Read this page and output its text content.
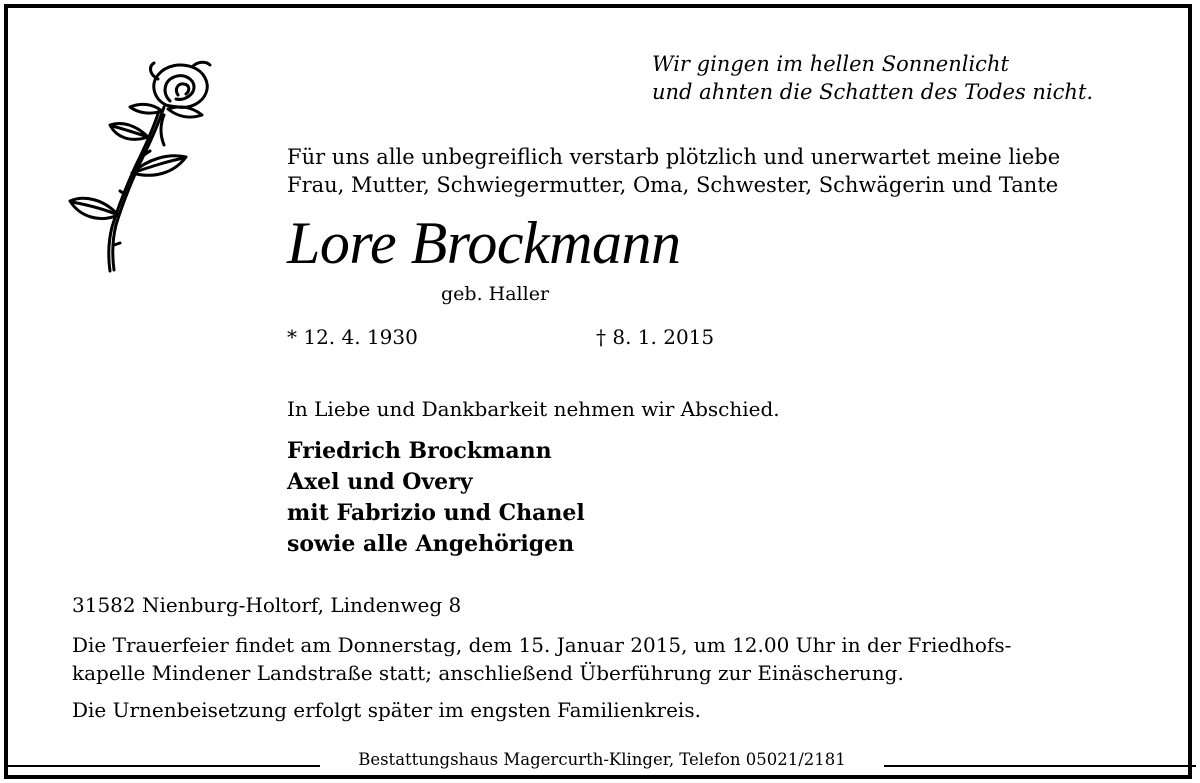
Wir gingen im hellen Sonnenlicht
und ahnten die Schatten des Todes nicht.
Für uns alle unbegreiflich verstarb plötzlich und unerwartet meine liebe
Frau, Mutter, Schwiegermutter, Oma, Schwester, Schwägerin und Tante
Lore Brockmann
geb. Haller
* 12. 4. 1930	† 8. 1. 2015
In Liebe und Dankbarkeit nehmen wir Abschied.
Friedrich Brockmann
Axel und Overy
mit Fabrizio und Chanel
sowie alle Angehörigen
31582 Nienburg-Holtorf, Lindenweg 8
Die Trauerfeier findet am Donnerstag, dem 15. Januar 2015, um 12.00 Uhr in der Friedhofs-
kapelle Mindener Landstraße statt; anschließend Überführung zur Einäscherung.
Die Urnenbeisetzung erfolgt später im engsten Familienkreis.
Bestattungshaus Magercurth-Klinger, Telefon 05021/2181
